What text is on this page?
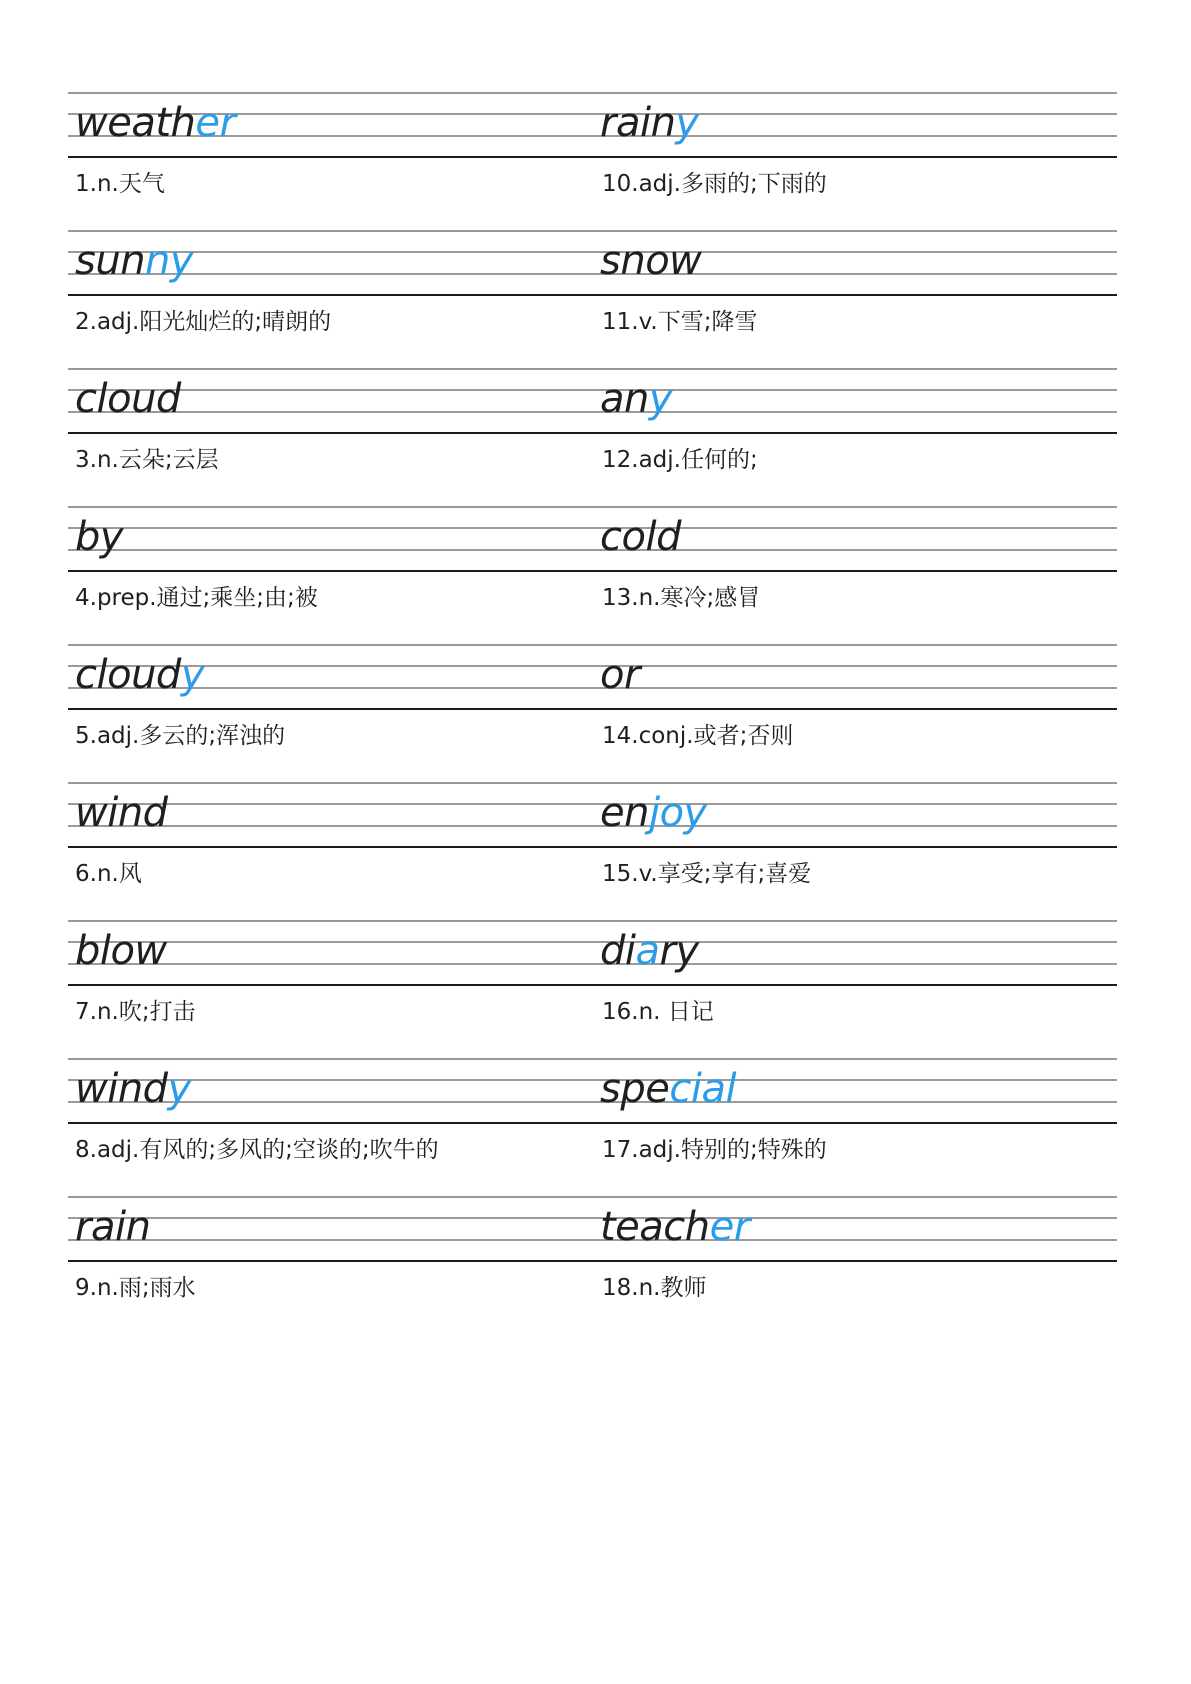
weather
1.n.天气
rainy
10.adj.多雨的;下雨的
sunny
2.adj.阳光灿烂的;晴朗的
snow
11.v.下雪;降雪
cloud
3.n.云朵;云层
any
12.adj.任何的;
by
4.prep.通过;乘坐;由;被
cold
13.n.寒冷;感冒
cloudy
5.adj.多云的;浑浊的
or
14.conj.或者;否则
wind
6.n.风
enjoy
15.v.享受;享有;喜爱
blow
7.n.吹;打击
diary
16.n. 日记
windy
8.adj.有风的;多风的;空谈的;吹牛的
special
17.adj.特别的;特殊的
rain
9.n.雨;雨水
teacher
18.n.教师
